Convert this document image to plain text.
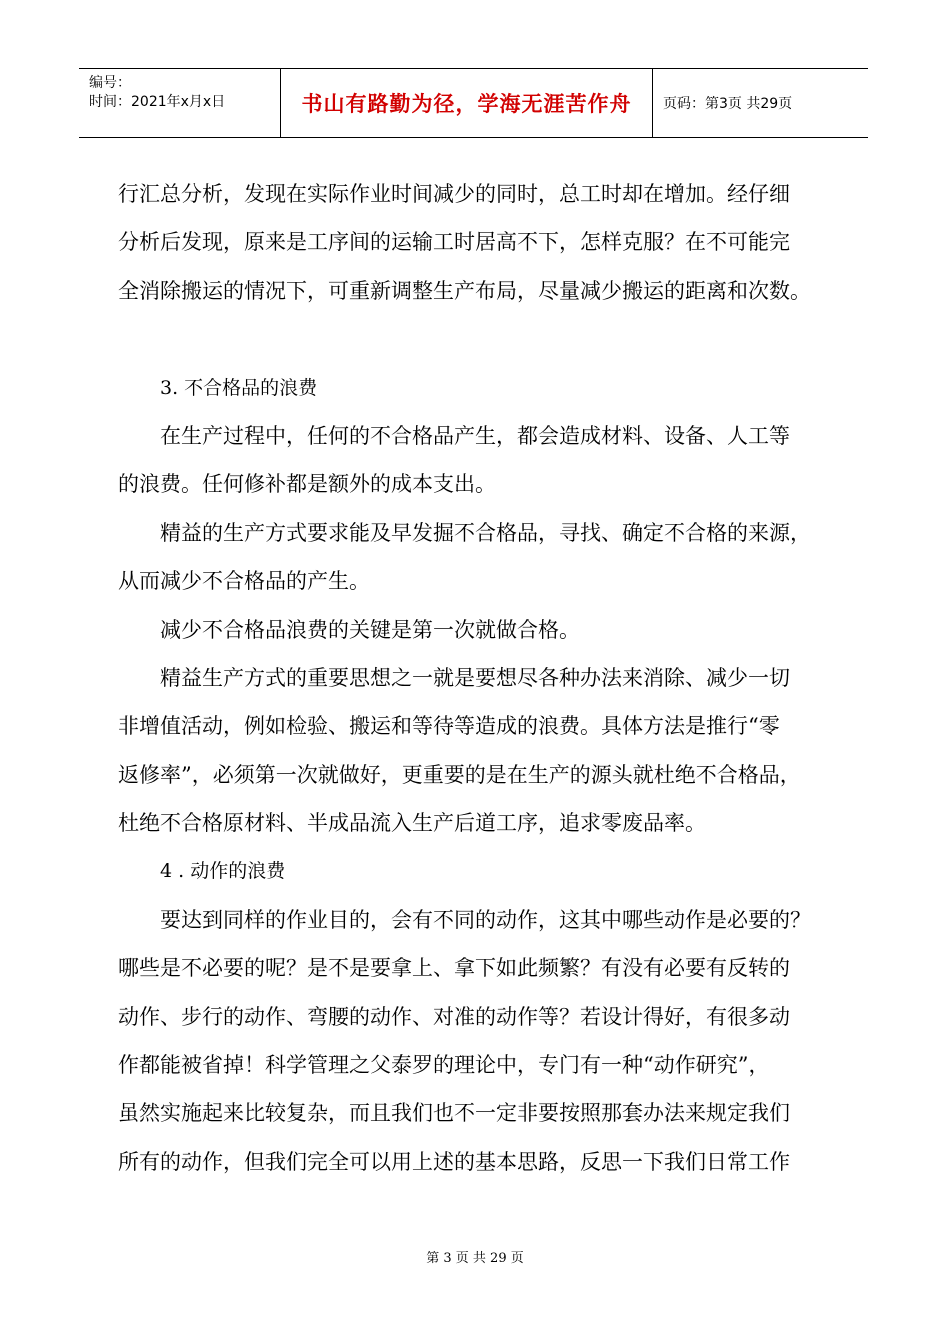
编号：
时间：2021年x月x日	书山有路勤为径，学海无涯苦作舟	页码：第3页 共29页
行汇总分析，发现在实际作业时间减少的同时，总工时却在增加。经仔细
分析后发现，原来是工序间的运输工时居高不下，怎样克服？在不可能完
全消除搬运的情况下，可重新调整生产布局，尽量减少搬运的距离和次数。
3. 不合格品的浪费
在生产过程中，任何的不合格品产生，都会造成材料、设备、人工等
的浪费。任何修补都是额外的成本支出。
精益的生产方式要求能及早发掘不合格品，寻找、确定不合格的来源，
从而减少不合格品的产生。
减少不合格品浪费的关键是第一次就做合格。
精益生产方式的重要思想之一就是要想尽各种办法来消除、减少一切
非增值活动，例如检验、搬运和等待等造成的浪费。具体方法是推行“零
返修率”，必须第一次就做好，更重要的是在生产的源头就杜绝不合格品，
杜绝不合格原材料、半成品流入生产后道工序，追求零废品率。
4 . 动作的浪费
要达到同样的作业目的，会有不同的动作，这其中哪些动作是必要的？
哪些是不必要的呢？是不是要拿上、拿下如此频繁？有没有必要有反转的
动作、步行的动作、弯腰的动作、对准的动作等？若设计得好，有很多动
作都能被省掉！科学管理之父泰罗的理论中，专门有一种“动作研究”，
虽然实施起来比较复杂，而且我们也不一定非要按照那套办法来规定我们
所有的动作，但我们完全可以用上述的基本思路，反思一下我们日常工作
第 3 页 共 29 页
